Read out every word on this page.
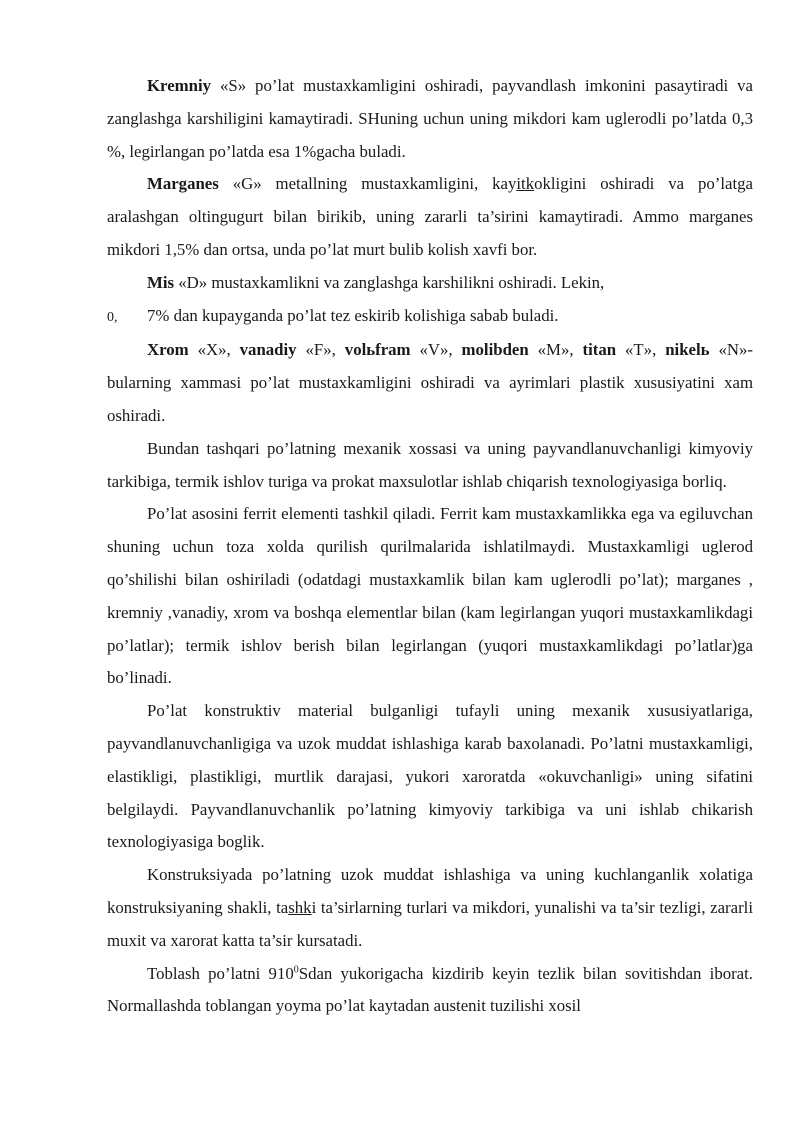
Kremniy «S» po’lat mustaxkamligini oshiradi, payvandlash imkonini pasaytiradi va zanglashga karshiligini kamaytiradi. SHuning uchun uning mikdori kam uglerodli po’latda 0,3 %, legirlangan po’latda esa 1%gacha buladi.

Marganes «G» metallning mustaxkamligini, kayitkokligini oshiradi va po’latga aralashgan oltingugurt bilan birikib, uning zararli ta’sirini kamaytiradi. Ammo marganes mikdori 1,5% dan ortsa, unda po’lat murt bulib kolish xavfi bor.

Mis «D» mustaxkamlikni va zanglashga karshilikni oshiradi. Lekin,

0, 7% dan kupayganda po’lat tez eskirib kolishiga sabab buladi.

Xrom «X», vanadiy «F», volьfram «V», molibden «M», titan «T», nikelь «N»- bularning xammasi po’lat mustaxkamligini oshiradi va ayrimlari plastik xususiyatini xam oshiradi.

Bundan tashqari po’latning mexanik xossasi va uning payvandlanuvchanligi kimyoviy tarkibiga, termik ishlov turiga va prokat maxsulotlar ishlab chiqarish texnologiyasiga borliq.

Po’lat asosini ferrit elementi tashkil qiladi. Ferrit kam mustaxkamlikka ega va egiluvchan shuning uchun toza xolda qurilish qurilmalarida ishlatilmaydi. Mustaxkamligi uglerod qo’shilishi bilan oshiriladi (odatdagi mustaxkamlik bilan kam uglerodli po’lat); marganes , kremniy ,vanadiy, xrom va boshqa elementlar bilan (kam legirlangan yuqori mustaxkamlikdagi po’latlar); termik ishlov berish bilan legirlangan (yuqori mustaxkamlikdagi po’latlar)ga bo’linadi.

Po’lat konstruktiv material bulganligi tufayli uning mexanik xususiyatlariga, payvandlanuvchanligiga va uzok muddat ishlashiga karab baxolanadi. Po’latni mustaxkamligi, elastikligi, plastikligi, murtlik darajasi, yukori xaroratda «okuvchanligi» uning sifatini belgilaydi. Payvandlanuvchanlik po’latning kimyoviy tarkibiga va uni ishlab chikarish texnologiyasiga boglik.

Konstruksiyada po’latning uzok muddat ishlashiga va uning kuchlanganlik xolatiga konstruksiyaning shakli, tashki ta’sirlarning turlari va mikdori, yunalishi va ta’sir tezligi, zararli muxit va xarorat katta ta’sir kursatadi.

Toblash po’latni $910^0Sdan$ yukorigacha kizdirib keyin tezlik bilan sovitishdan iborat. Normallashda toblangan yoyma po’lat kaytadan austenit tuzilishi xosil
